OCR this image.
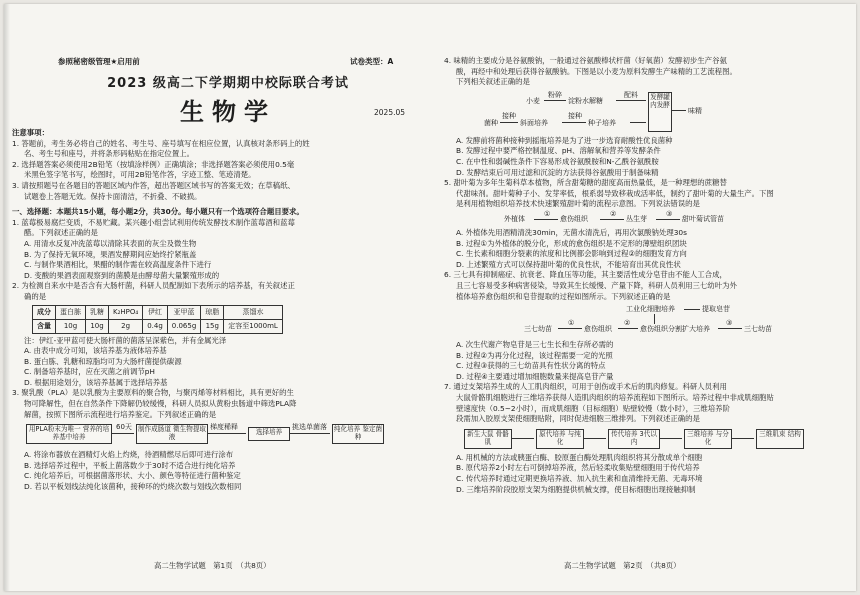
参照秘密级管理★启用前	试卷类型：A
2023 级高二下学期期中校际联合考试
生物学	2025.05

注意事项：

1. 答题前，考生务必将自己的姓名、考生号、座号填写在相应位置，认真核对条形码上的姓

名、考生号和座号，并将条形码粘贴在指定位置上。

2. 选择题答案必须使用2B铅笔（按填涂样例）正确填涂；非选择题答案必须使用0.5毫

米黑色签字笔书写，绘图时，可用2B铅笔作答，字迹工整、笔迹清楚。

3. 请按照题号在各题目的答题区域内作答，超出答题区域书写的答案无效；在草稿纸、

试题卷上答题无效。保持卡面清洁，不折叠、不破损。

一、选择题：本题共15小题，每小题2分，共30分。每小题只有一个选项符合题目要求。

1. 蓝莓极易腐烂变质，不易贮藏。某兴趣小组尝试利用传统发酵技术制作蓝莓酒和蓝莓

醋。下列叙述正确的是

A. 用清水反复冲洗蓝莓以清除其表面的灰尘及微生物

B. 为了保持无氧环境，果酒发酵期间应始终拧紧瓶盖

C. 与制作果酒相比，果醋的制作需在较高温度条件下进行

D. 变酸的果酒表面观察到的菌膜是由酵母菌大量繁殖形成的

2. 为检测自来水中是否含有大肠杆菌，科研人员配制如下表所示的培养基，有关叙述正

确的是

成分	蛋白胨	乳糖	K₂HPO₄	伊红	亚甲蓝	琼脂	蒸馏水
含量	10g	10g	2g	0.4g	0.065g	15g	定容至1000mL

注：伊红-亚甲蓝可使大肠杆菌的菌落呈深紫色，并有金属光泽

A. 由表中成分可知，该培养基为液体培养基

B. 蛋白胨、乳糖和琼脂均可为大肠杆菌提供碳源

C. 制备培养基时，应在灭菌之前调节pH

D. 根据用途划分，该培养基属于选择培养基

3. 聚乳酸（PLA）是以乳酸为主要原料的聚合物，与聚丙烯等材料相比，具有更好的生

物可降解性，但在自然条件下降解仍较缓慢，科研人员拟从黄粉虫肠道中筛选PLA降

解菌，按照下图所示流程进行培养鉴定。下列叙述正确的是

用PLA粉末为唯一 营养的培养基中培养
60天 制作成肠道 微生物提取液
梯度稀释
选择培养
挑选单菌落 纯化培养 鉴定菌种

A. 将涂布器放在酒精灯火焰上灼烧，待酒精燃尽后即可进行涂布

B. 选择培养过程中，平板上菌落数少于30时不适合进行纯化培养

C. 纯化培养后，可根据菌落形状、大小、颜色等特征进行菌种鉴定

D. 若以平板划线法纯化该菌种，接种环的灼烧次数与划线次数相同

高二生物学试题　第1页　（共8页）

4. 味精的主要成分是谷氨酸钠，一般通过谷氨酸棒状杆菌（好氧菌）发酵初步生产谷氨

酸，再经中和处理后获得谷氨酸钠。下图是以小麦为原料发酵生产味精的工艺流程图。

下列相关叙述正确的是

小麦
粉碎
淀粉水解糖
配料
菌种
接种
斜面培养
接种
种子培养
发酵罐内发酵
味精

A. 发酵前将菌种接种到摇瓶培养是为了进一步选育耐酸性优良菌种

B. 发酵过程中要严格控制温度、pH、溶解氧和营养等发酵条件

C. 在中性和弱碱性条件下容易形成谷氨酰胺和N-乙酰谷氨酰胺

D. 发酵结束后可用过滤和沉淀的方法获得谷氨酸用于制备味精

5. 甜叶菊为多年生菊科草本植物，所含甜菊糖的甜度高而热量低，是一种理想的蔗糖替

代甜味剂。甜叶菊种子小、发芽率低，根系弱导致移栽成活率低，制约了甜叶菊的大量生产。下图

是利用植物组织培养技术快速繁殖甜叶菊的流程示意图。下列说法错误的是

外植体
①
愈伤组织
②
丛生芽
③
甜叶菊试管苗

A. 外植体先用酒精清洗30min，无菌水清洗后，再用次氯酸钠处理30s

B. 过程①为外植体的脱分化，形成的愈伤组织是不定形的薄壁组织团块

C. 生长素和细胞分裂素的浓度和比例都会影响到过程②的细胞发育方向

D. 上述繁殖方式可以保持甜叶菊的优良性状，不能培育出其优良性状

6. 三七具有抑制癌症、抗衰老、降血压等功能，其主要活性成分皂苷由不能人工合成，

且三七容易受多种病害侵染，导致其生长缓慢、产量下降，科研人员利用三七幼叶为外

植体培养愈伤组织和皂苷提取的过程如图所示。下列叙述正确的是

工业化细胞培养	提取皂苷
三七幼苗
①
愈伤组织
②
愈伤组织分割扩大培养
③
三七幼苗

A. 次生代谢产物皂苷是三七生长和生存所必需的

B. 过程②为再分化过程，该过程需要一定的光照

C. 过程③获得的三七幼苗具有性状分离的特点

D. 过程④主要通过增加细胞数量来提高皂苷产量

7. 通过支架培养生成的人工肌肉组织，可用于创伤或手术后的肌肉修复。科研人员利用

大鼠骨骼肌细胞进行三维培养获得人造肌肉组织的培养流程如下图所示。培养过程中非成肌细胞贴

壁速度快（0.5~2小时），而成肌细胞（目标细胞）贴壁较慢（数小时），三维培养阶

段需加入胶原支架使细胞贴附，同时促进细胞三维排列。下列叙述正确的是

新生大鼠 骨骼肌
原代培养 与纯化
传代培养 3代以内
三维培养 与分化
三维肌束 结构

A. 用机械的方法或胰蛋白酶、胶原蛋白酶处理肌肉组织将其分散成单个细胞

B. 原代培养2小时左右可倒掉培养液，然后轻柔收集贴壁细胞用于传代培养

C. 传代培养时通过定期更换培养液、加入抗生素和血清维持无菌、无毒环境

D. 三维培养阶段胶原支架为细胞提供机械支撑，使目标细胞出现接触抑制

高二生物学试题　第2页　（共8页）
